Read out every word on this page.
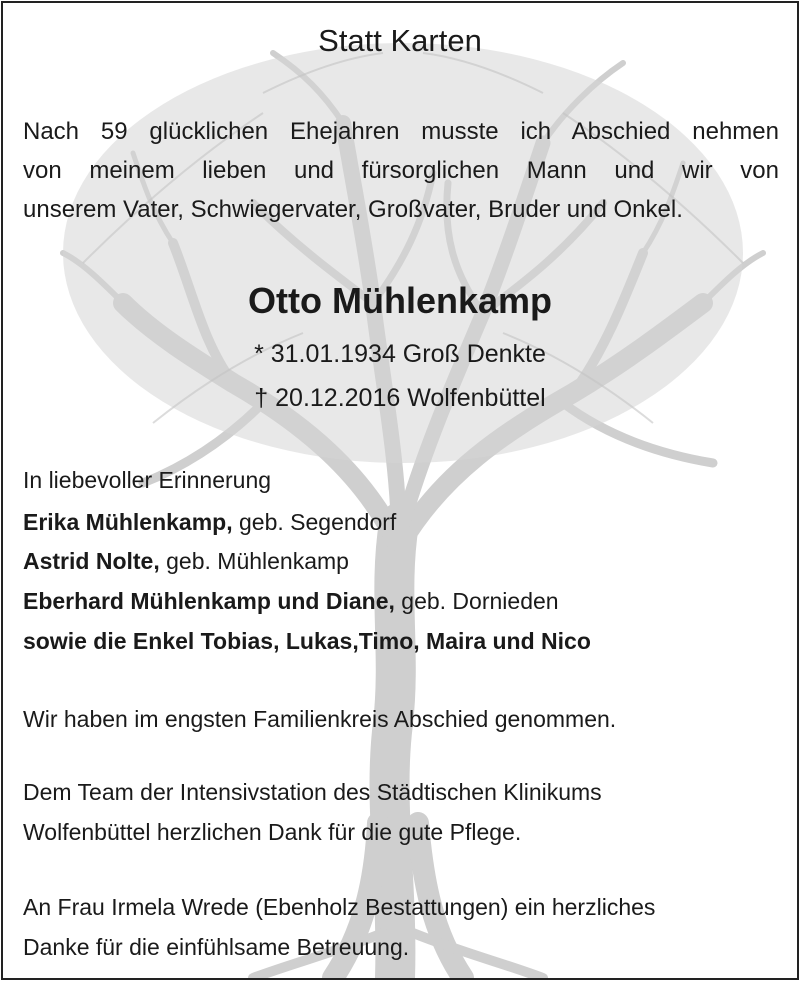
Statt Karten

Nach 59 glücklichen Ehejahren musste ich Abschied nehmen
von meinem lieben und fürsorglichen Mann und wir von
unserem Vater, Schwiegervater, Großvater, Bruder und Onkel.

Otto Mühlenkamp
* 31.01.1934 Groß Denkte
† 20.12.2016 Wolfenbüttel
In liebevoller Erinnerung
Erika Mühlenkamp, geb. Segendorf
Astrid Nolte, geb. Mühlenkamp
Eberhard Mühlenkamp und Diane, geb. Dornieden
sowie die Enkel Tobias, Lukas,Timo, Maira und Nico
Wir haben im engsten Familienkreis Abschied genommen.
Dem Team der Intensivstation des Städtischen Klinikums
Wolfenbüttel herzlichen Dank für die gute Pflege.
An Frau Irmela Wrede (Ebenholz Bestattungen) ein herzliches
Danke für die einfühlsame Betreuung.
